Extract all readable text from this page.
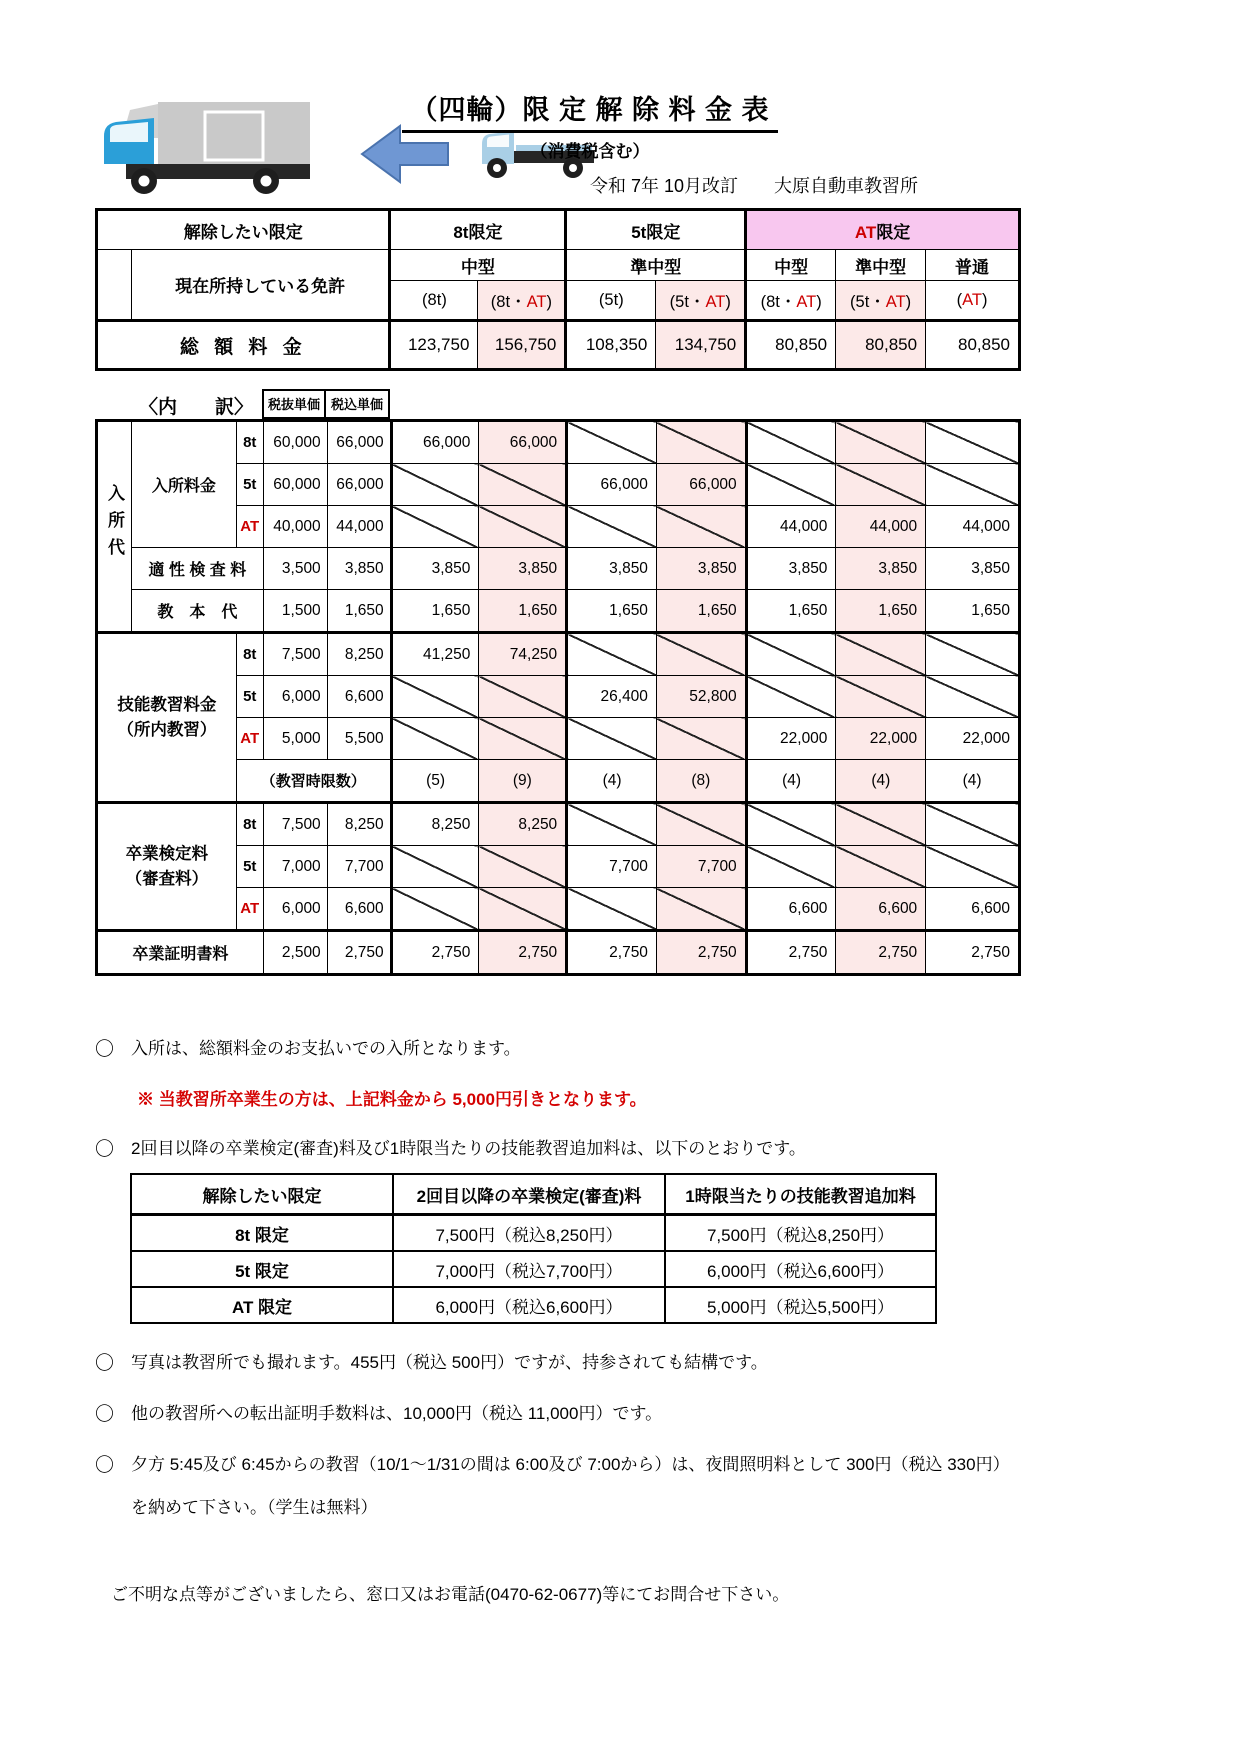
（四輪）限 定 解 除 料 金 表
（消費税含む）
令和 7年 10月改訂 大原自動車教習所
解除したい限定		8t限定		5t限定		AT限定		
	現在所持している免許	中型		準中型		中型	準中型	普通
		(8t)	(8t・AT)	(5t)	(5t・AT)	(8t・AT)	(5t・AT)	(AT)
総 額 料 金		123,750	156,750	108,350	134,750	80,850	80,850	80,850
〈内　　訳〉	税抜単価 税込単価
入所代	入所料金	8t	60,000	66,000	66,000	66,000					
		5t	60,000	66,000			66,000	66,000			
		AT	40,000	44,000					44,000	44,000	44,000
	適 性 検 査 料		3,500	3,850	3,850	3,850	3,850	3,850	3,850	3,850	3,850
	教　本　代		1,500	1,650	1,650	1,650	1,650	1,650	1,650	1,650	1,650
技能教習料金
（所内教習）		8t	7,500	8,250	41,250	74,250					
		5t	6,000	6,600			26,400	52,800			
		AT	5,000	5,500					22,000	22,000	22,000
		（教習時限数）			(5)	(9)	(4)	(8)	(4)	(4)	(4)
卒業検定料
（審査料）		8t	7,500	8,250	8,250	8,250					
		5t	7,000	7,700			7,700	7,700			
		AT	6,000	6,600					6,600	6,600	6,600
卒業証明書料			2,500	2,750	2,750	2,750	2,750	2,750	2,750	2,750	2,750
〇 入所は、総額料金のお支払いでの入所となります。
※ 当教習所卒業生の方は、上記料金から 5,000円引きとなります。
〇 2回目以降の卒業検定(審査)料及び1時限当たりの技能教習追加料は、以下のとおりです。
解除したい限定	2回目以降の卒業検定(審査)料	1時限当たりの技能教習追加料
8t 限定	7,500円（税込8,250円）	7,500円（税込8,250円）
5t 限定	7,000円（税込7,700円）	6,000円（税込6,600円）
AT 限定	6,000円（税込6,600円）	5,000円（税込5,500円）
〇 写真は教習所でも撮れます。455円（税込 500円）ですが、持参されても結構です。
〇 他の教習所への転出証明手数料は、10,000円（税込 11,000円）です。
〇 夕方 5:45及び 6:45からの教習（10/1～1/31の間は 6:00及び 7:00から）は、夜間照明料として 300円（税込 330円）
を納めて下さい。（学生は無料）
ご不明な点等がございましたら、窓口又はお電話(0470-62-0677)等にてお問合せ下さい。
